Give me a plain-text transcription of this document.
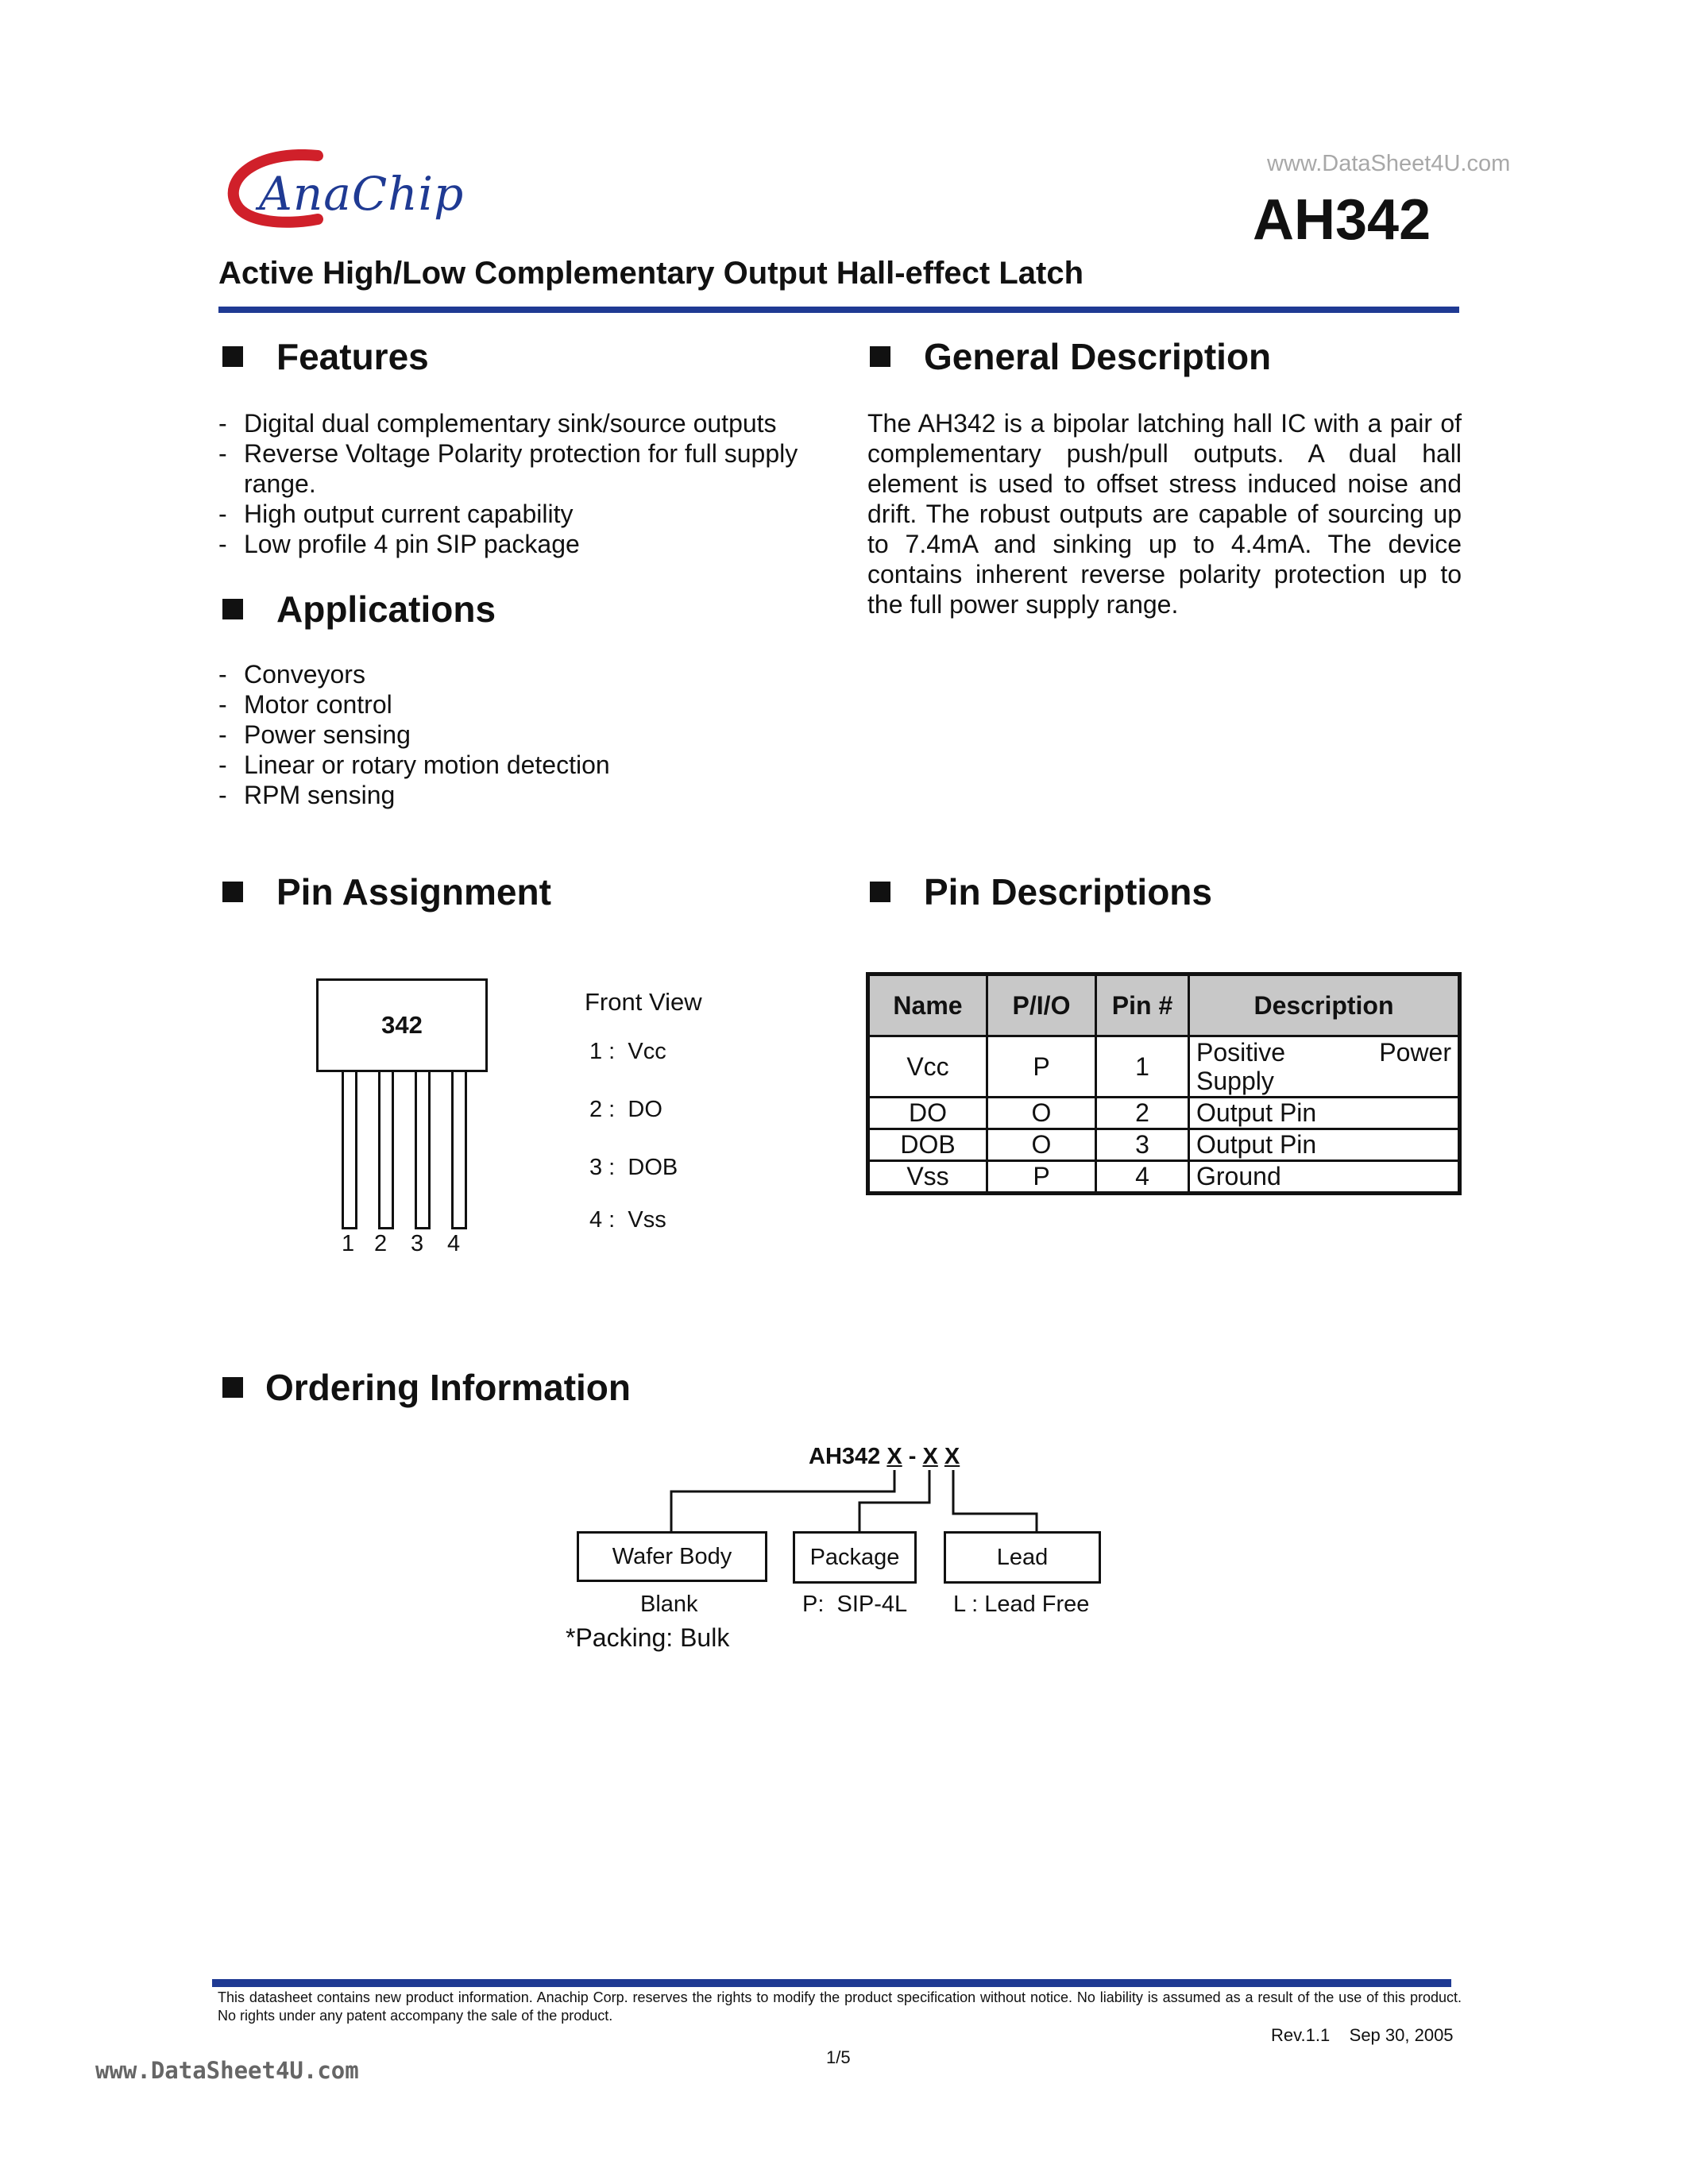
AnaChip
www.DataSheet4U.com
AH342
Active High/Low Complementary Output Hall-effect Latch
Features
- Digital dual complementary sink/source outputs
- Reverse Voltage Polarity protection for full supply range.
- High output current capability
- Low profile 4 pin SIP package
Applications
- Conveyors
- Motor control
- Power sensing
- Linear or rotary motion detection
- RPM sensing
General Description
The AH342 is a bipolar latching hall IC with a pair of complementary push/pull outputs. A dual hall element is used to offset stress induced noise and drift. The robust outputs are capable of sourcing up to 7.4mA and sinking up to 4.4mA. The device contains inherent reverse polarity protection up to the full power supply range.
Pin Assignment
342
1 2 3 4
Front View
1 : Vcc
2 : DO
3 : DOB
4 : Vss
Pin Descriptions
Name	P/I/O	Pin #	Description
Vcc	P	1	Positive Power
Supply

DO	O	2	Output Pin
DOB	O	3	Output Pin
Vss	P	4	Ground
Ordering Information
AH342 X - X X
Wafer Body	Package	Lead
Blank	P:  SIP-4L L : Lead Free
*Packing: Bulk
This datasheet contains new product information. Anachip Corp. reserves the rights to modify the product specification without notice. No liability is assumed as a result of the use of this product. No rights under any patent accompany the sale of the product.
Rev.1.1 Sep 30, 2005
1/5
www.DataSheet4U.com
